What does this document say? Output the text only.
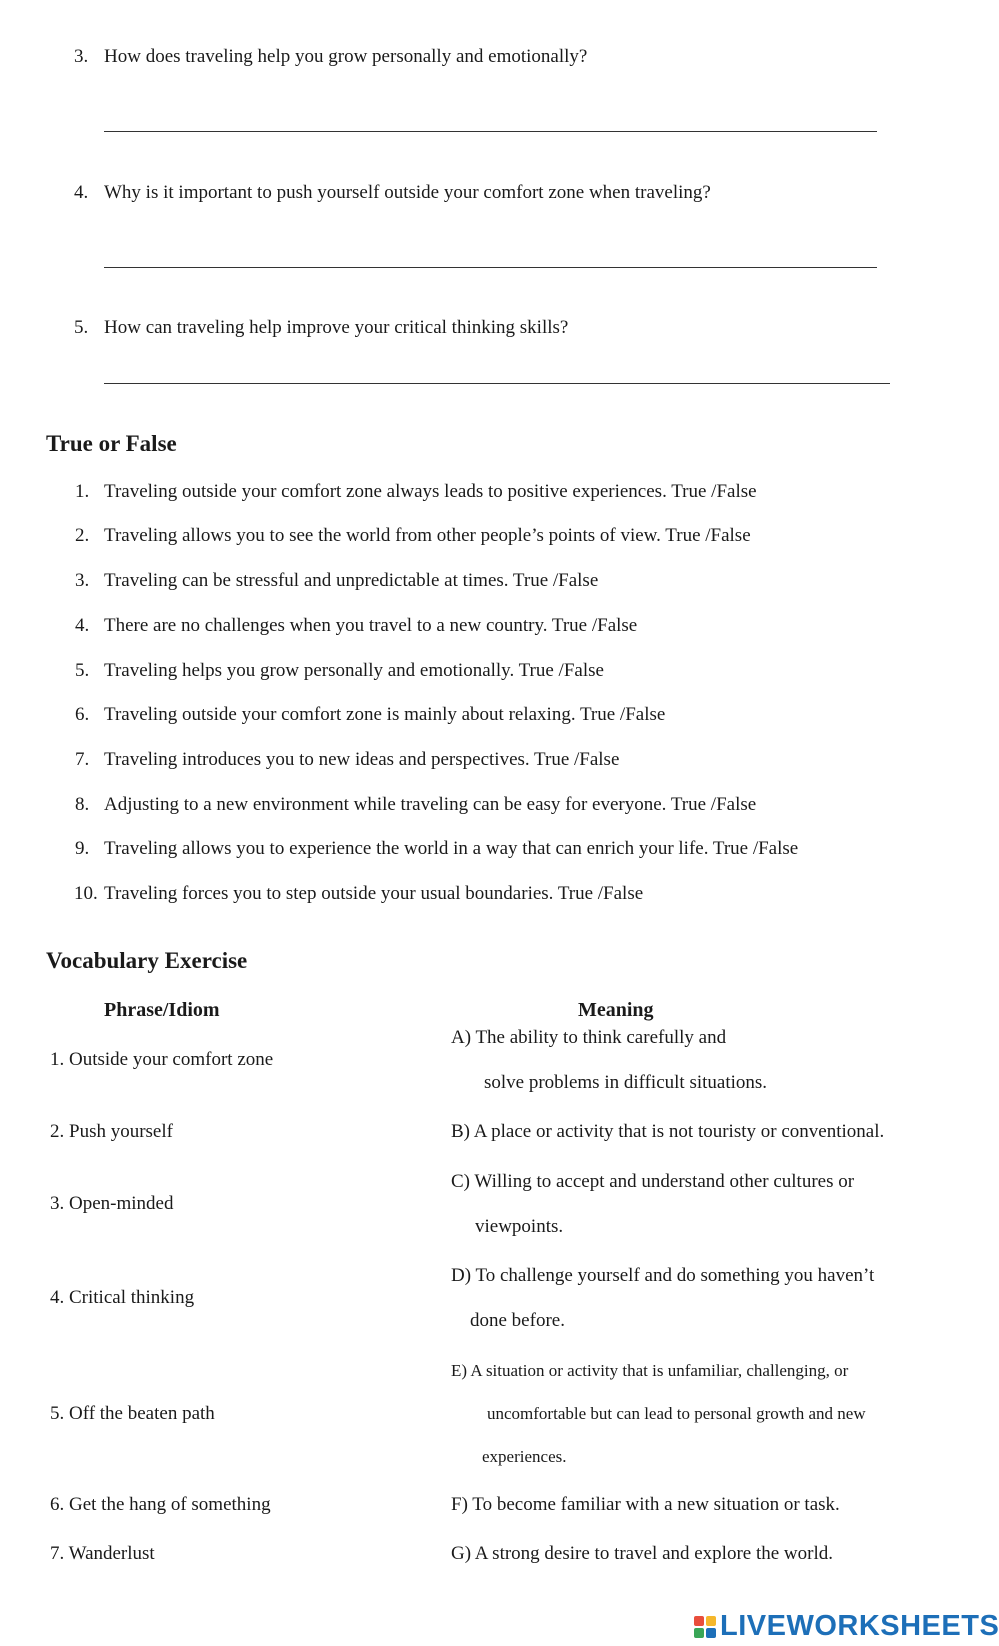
3. How does traveling help you grow personally and emotionally?
4. Why is it important to push yourself outside your comfort zone when traveling?
5. How can traveling help improve your critical thinking skills?
True or False
1. Traveling outside your comfort zone always leads to positive experiences. True /False
2. Traveling allows you to see the world from other people’s points of view. True /False
3. Traveling can be stressful and unpredictable at times. True /False
4. There are no challenges when you travel to a new country. True /False
5. Traveling helps you grow personally and emotionally. True /False
6. Traveling outside your comfort zone is mainly about relaxing. True /False
7. Traveling introduces you to new ideas and perspectives. True /False
8. Adjusting to a new environment while traveling can be easy for everyone. True /False
9. Traveling allows you to experience the world in a way that can enrich your life. True /False
10. Traveling forces you to step outside your usual boundaries. True /False
Vocabulary Exercise
Phrase/Idiom	Meaning
1. Outside your comfort zone
2. Push yourself
3. Open-minded
4. Critical thinking
5. Off the beaten path
6. Get the hang of something
7. Wanderlust
A) The ability to think carefully and
solve problems in difficult situations.
B) A place or activity that is not touristy or conventional.
C) Willing to accept and understand other cultures or
viewpoints.
D) To challenge yourself and do something you haven’t
done before.
E) A situation or activity that is unfamiliar, challenging, or
uncomfortable but can lead to personal growth and new
experiences.
F) To become familiar with a new situation or task.
G) A strong desire to travel and explore the world.
LIVEWORKSHEETS
